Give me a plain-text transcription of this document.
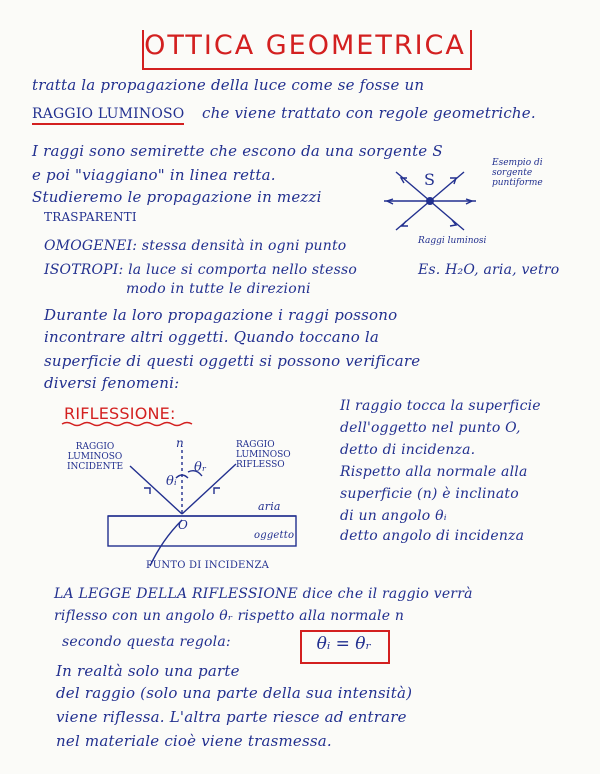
OTTICA GEOMETRICA
tratta la propagazione della luce come se fosse un
RAGGIO LUMINOSO che viene trattato con regole geometriche.
I raggi sono semirette che escono da una sorgente S
e poi "viaggiano" in linea retta.
Studieremo le propagazione in mezzi
TRASPARENTI
S
Esempio di sorgente puntiforme
Raggi luminosi
OMOGENEI: stessa densità in ogni punto
ISOTROPI: la luce si comporta nello stesso
modo in tutte le direzioni
Es. H₂O, aria, vetro
Durante la loro propagazione i raggi possono
incontrare altri oggetti. Quando toccano la
superficie di questi oggetti si possono verificare
diversi fenomeni:
RIFLESSIONE:
RAGGIO LUMINOSO INCIDENTE
RAGGIO LUMINOSO RIFLESSO
n
θᵢ
θᵣ
O
aria
oggetto
PUNTO DI INCIDENZA
Il raggio tocca la superficie
dell'oggetto nel punto O,
detto di incidenza.
Rispetto alla normale alla
superficie (n) è inclinato
di un angolo θᵢ
detto angolo di incidenza
LA LEGGE DELLA RIFLESSIONE dice che il raggio verrà
riflesso con un angolo θᵣ rispetto alla normale n
secondo questa regola:	θᵢ = θᵣ
In realtà solo una parte
del raggio (solo una parte della sua intensità)
viene riflessa. L'altra parte riesce ad entrare
nel materiale cioè viene trasmessa.
